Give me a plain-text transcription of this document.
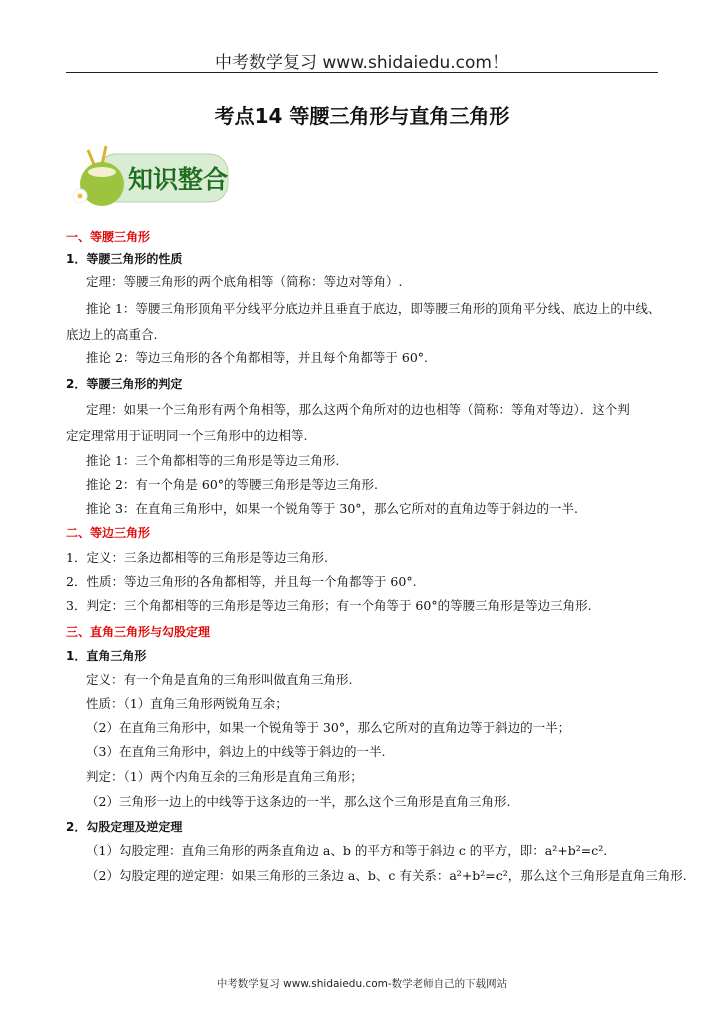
中考数学复习 www.shidaiedu.com！
考点14 等腰三角形与直角三角形
知识整合
一、等腰三角形
1．等腰三角形的性质
定理：等腰三角形的两个底角相等（简称：等边对等角）.
推论 1：等腰三角形顶角平分线平分底边并且垂直于底边，即等腰三角形的顶角平分线、底边上的中线、
底边上的高重合.
推论 2：等边三角形的各个角都相等，并且每个角都等于 60°.
2．等腰三角形的判定
定理：如果一个三角形有两个角相等，那么这两个角所对的边也相等（简称：等角对等边）．这个判
定定理常用于证明同一个三角形中的边相等.
推论 1：三个角都相等的三角形是等边三角形.
推论 2：有一个角是 60°的等腰三角形是等边三角形.
推论 3：在直角三角形中，如果一个锐角等于 30°，那么它所对的直角边等于斜边的一半.
二、等边三角形
1．定义：三条边都相等的三角形是等边三角形.
2．性质：等边三角形的各角都相等，并且每一个角都等于 60°.
3．判定：三个角都相等的三角形是等边三角形；有一个角等于 60°的等腰三角形是等边三角形.
三、直角三角形与勾股定理
1．直角三角形
定义：有一个角是直角的三角形叫做直角三角形.
性质：（1）直角三角形两锐角互余；
（2）在直角三角形中，如果一个锐角等于 30°，那么它所对的直角边等于斜边的一半；
（3）在直角三角形中，斜边上的中线等于斜边的一半.
判定：（1）两个内角互余的三角形是直角三角形；
（2）三角形一边上的中线等于这条边的一半，那么这个三角形是直角三角形.
2．勾股定理及逆定理
（1）勾股定理：直角三角形的两条直角边 a、b 的平方和等于斜边 c 的平方，即：a²+b²=c².
（2）勾股定理的逆定理：如果三角形的三条边 a、b、c 有关系：a²+b²=c²，那么这个三角形是直角三角形.
中考数学复习 www.shidaiedu.com-数学老师自己的下载网站
